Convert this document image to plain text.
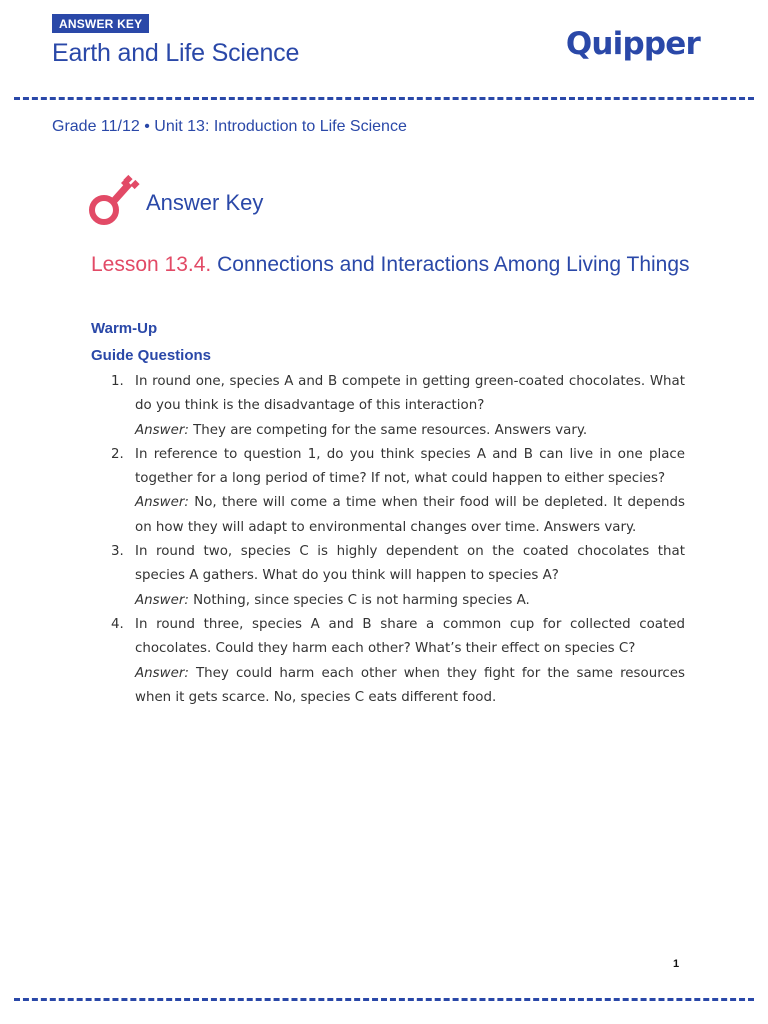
ANSWER KEY
Earth and Life Science	Quipper
Grade 11/12 • Unit 13: Introduction to Life Science
Answer Key
Lesson 13.4. Connections and Interactions Among Living Things
Warm-Up
Guide Questions
1. In round one, species A and B compete in getting green-coated chocolates. What do you think is the disadvantage of this interaction?
Answer: They are competing for the same resources. Answers vary.
2. In reference to question 1, do you think species A and B can live in one place together for a long period of time? If not, what could happen to either species?
Answer: No, there will come a time when their food will be depleted. It depends on how they will adapt to environmental changes over time. Answers vary.
3. In round two, species C is highly dependent on the coated chocolates that species A gathers. What do you think will happen to species A?
Answer: Nothing, since species C is not harming species A.
4. In round three, species A and B share a common cup for collected coated chocolates. Could they harm each other? What’s their effect on species C?
Answer: They could harm each other when they fight for the same resources when it gets scarce. No, species C eats different food.
1
